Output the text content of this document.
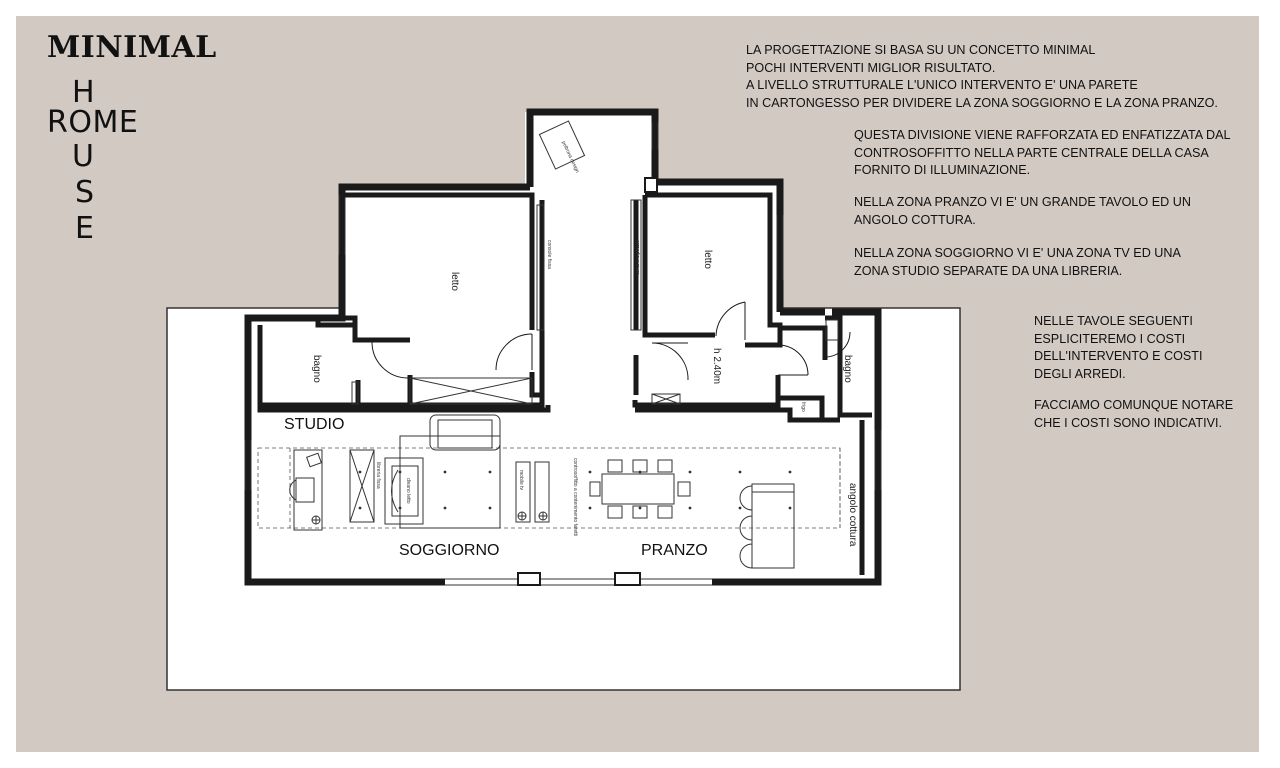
MINIMAL
H
ROME
U
S
E
LA PROGETTAZIONE SI BASA SU UN CONCETTO MINIMAL
POCHI INTERVENTI MIGLIOR RISULTATO.
A LIVELLO STRUTTURALE L'UNICO INTERVENTO E' UNA PARETE
IN CARTONGESSO PER DIVIDERE LA ZONA SOGGIORNO E LA ZONA PRANZO.
QUESTA DIVISIONE VIENE RAFFORZATA ED ENFATIZZATA DAL
CONTROSOFFITTO NELLA PARTE CENTRALE DELLA CASA
FORNITO DI ILLUMINAZIONE.
NELLA ZONA PRANZO VI E' UN GRANDE TAVOLO ED UN
ANGOLO COTTURA.
NELLA ZONA SOGGIORNO VI E' UNA ZONA TV ED UNA
ZONA STUDIO SEPARATE DA UNA LIBRERIA.
NELLE TAVOLE SEGUENTI
ESPLICITEREMO I COSTI
DELL'INTERVENTO E COSTI
DEGLI ARREDI.
FACCIAMO COMUNQUE NOTARE
CHE I COSTI SONO INDICATIVI.
console fissa	armadio a muro
poltrona design
divano letto
libreria fissa	mobile tv	controsoffitto a contenimento faretti
letto
letto
bagno	bagno
h 2.40m
frigo
angolo cottura
STUDIO
SOGGIORNO	PRANZO
